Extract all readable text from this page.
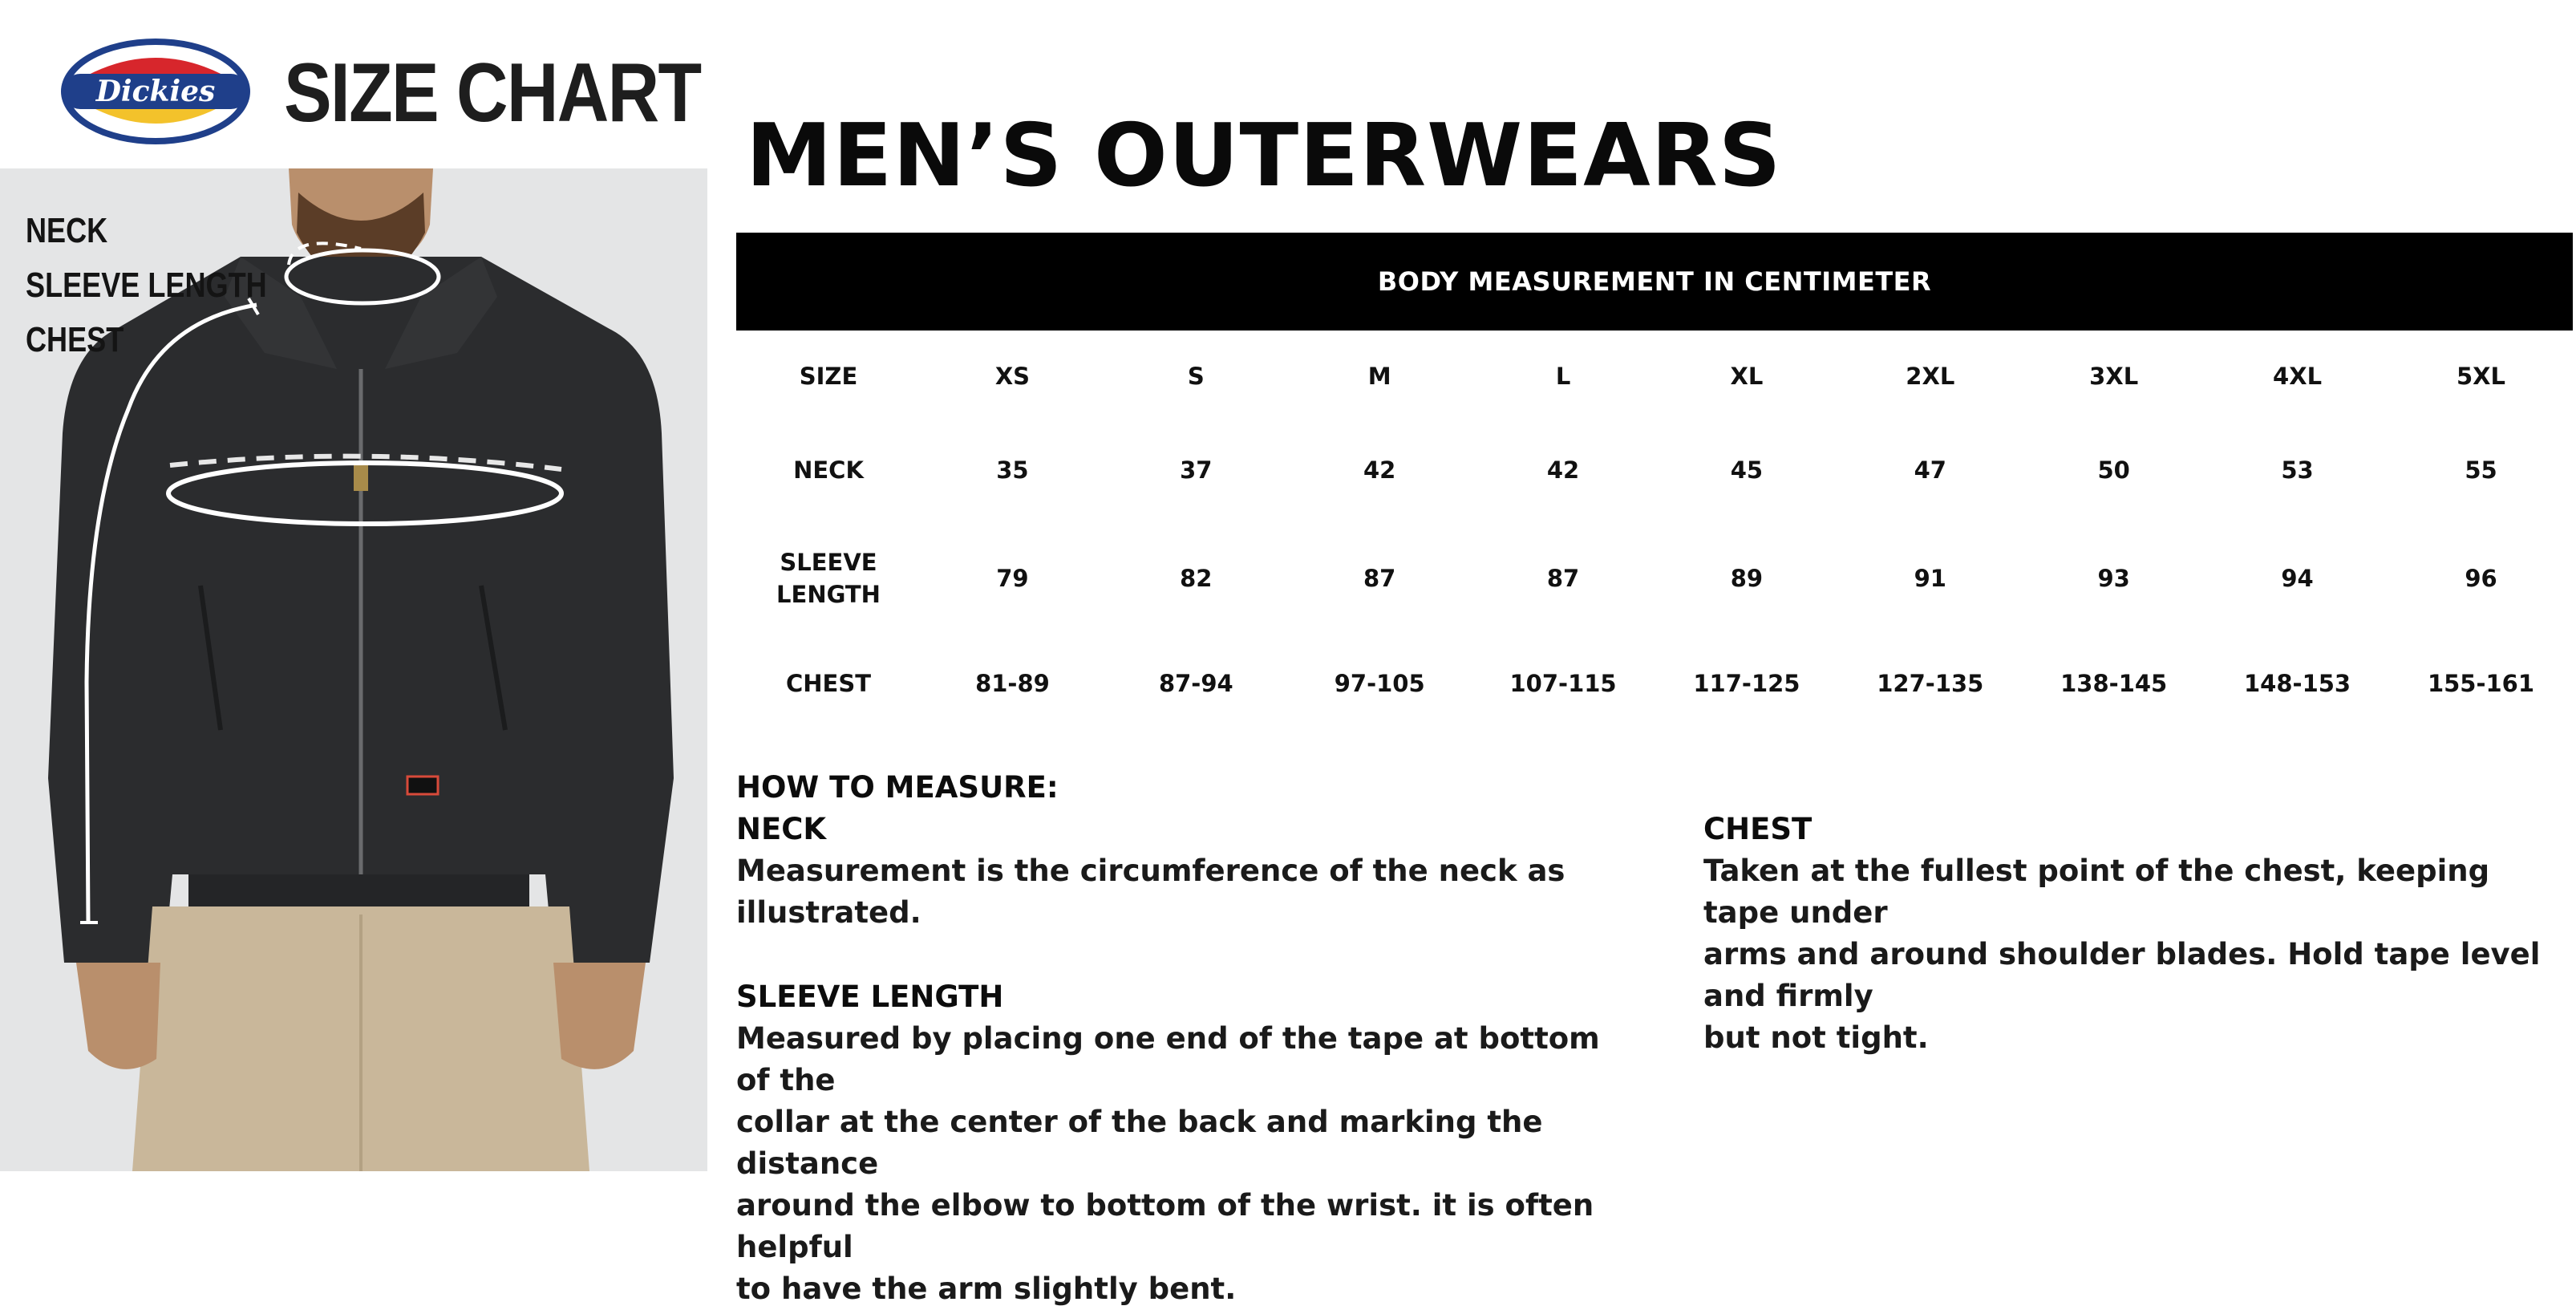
Dickies SIZE CHART
NECK
SLEEVE LENGTH
CHEST
MEN’S OUTERWEARS
BODY MEASUREMENT IN CENTIMETER
SIZE	XS	S	M	L	XL	2XL	3XL	4XL	5XL
NECK	35	37	42	42	45	47	50	53	55
SLEEVE
LENGTH	79	82	87	87	89	91	93	94	96
CHEST	81-89	87-94	97-105	107-115	117-125	127-135	138-145	148-153	155-161

HOW TO MEASURE:

NECK

Measurement is the circumference of the neck as

illustrated.

SLEEVE LENGTH

Measured by placing one end of the tape at bottom of the

collar at the center of the back and marking the distance

around the elbow to bottom of the wrist. it is often helpful

to have the arm slightly bent.

CHEST

Taken at the fullest point of the chest, keeping tape under

arms and around shoulder blades. Hold tape level and firmly

but not tight.
